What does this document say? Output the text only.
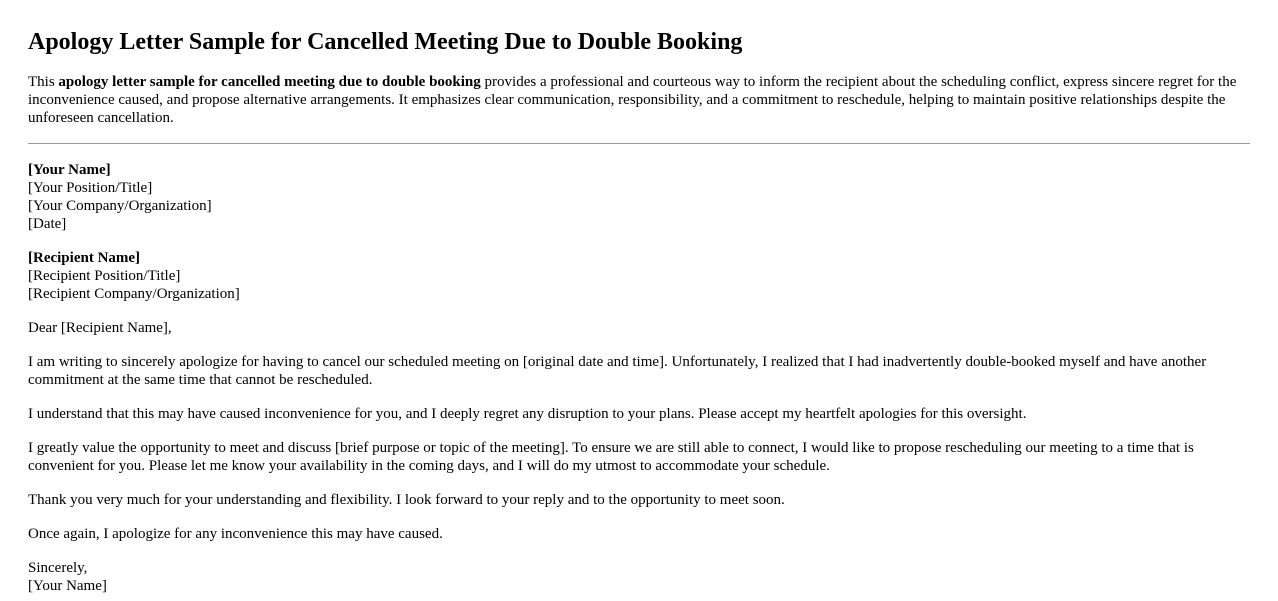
Apology Letter Sample for Cancelled Meeting Due to Double Booking

This apology letter sample for cancelled meeting due to double booking provides a professional and courteous way to inform the recipient about the scheduling conflict, express sincere regret for the inconvenience caused, and propose alternative arrangements. It emphasizes clear communication, responsibility, and a commitment to reschedule, helping to maintain positive relationships despite the unforeseen cancellation.

[Your Name]
[Your Position/Title]
[Your Company/Organization]
[Date]
[Recipient Name]
[Recipient Position/Title]
[Recipient Company/Organization]

Dear [Recipient Name],

I am writing to sincerely apologize for having to cancel our scheduled meeting on [original date and time]. Unfortunately, I realized that I had inadvertently double-booked myself and have another commitment at the same time that cannot be rescheduled.

I understand that this may have caused inconvenience for you, and I deeply regret any disruption to your plans. Please accept my heartfelt apologies for this oversight.

I greatly value the opportunity to meet and discuss [brief purpose or topic of the meeting]. To ensure we are still able to connect, I would like to propose rescheduling our meeting to a time that is convenient for you. Please let me know your availability in the coming days, and I will do my utmost to accommodate your schedule.

Thank you very much for your understanding and flexibility. I look forward to your reply and to the opportunity to meet soon.

Once again, I apologize for any inconvenience this may have caused.

Sincerely,
[Your Name]
